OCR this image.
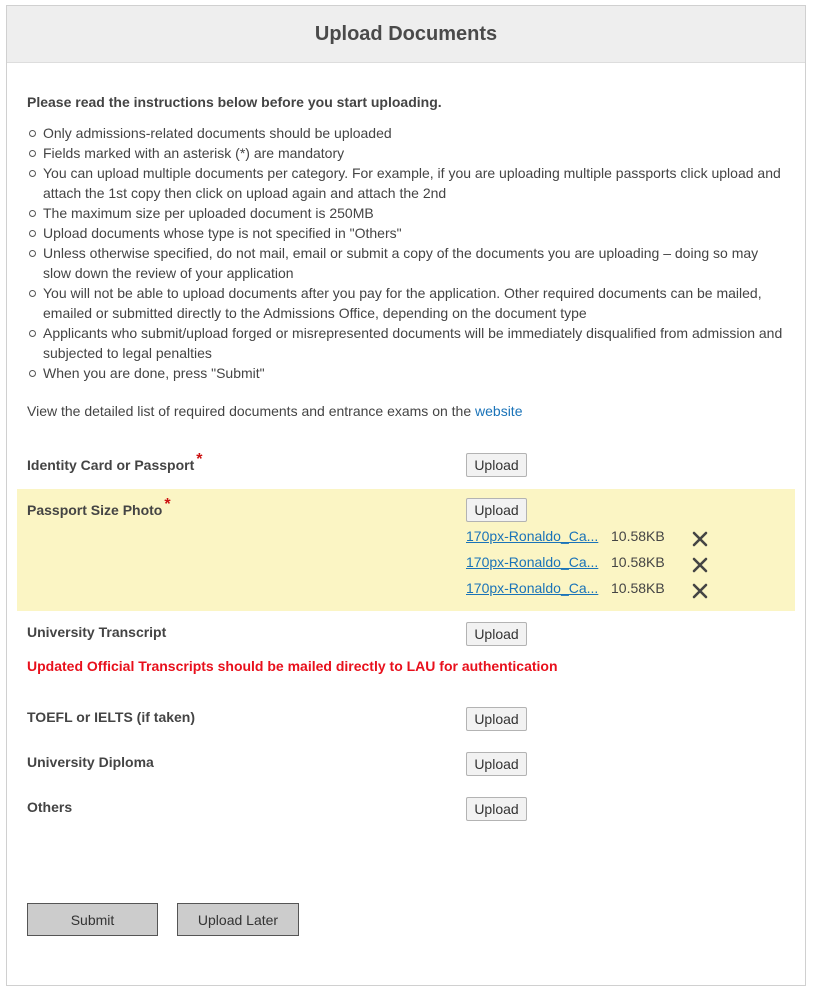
Upload Documents
Please read the instructions below before you start uploading.
Only admissions-related documents should be uploaded
Fields marked with an asterisk (*) are mandatory
You can upload multiple documents per category. For example, if you are uploading multiple passports click upload and attach the 1st copy then click on upload again and attach the 2nd
The maximum size per uploaded document is 250MB
Upload documents whose type is not specified in "Others"
Unless otherwise specified, do not mail, email or submit a copy of the documents you are uploading – doing so may slow down the review of your application
You will not be able to upload documents after you pay for the application. Other required documents can be mailed, emailed or submitted directly to the Admissions Office, depending on the document type
Applicants who submit/upload forged or misrepresented documents will be immediately disqualified from admission and subjected to legal penalties
When you are done, press "Submit"
View the detailed list of required documents and entrance exams on the website
Identity Card or Passport *	Upload
Passport Size Photo *	Upload
170px-Ronaldo_Ca... 10.58KB
170px-Ronaldo_Ca... 10.58KB
170px-Ronaldo_Ca... 10.58KB
University Transcript	Upload
Updated Official Transcripts should be mailed directly to LAU for authentication
TOEFL or IELTS (if taken)	Upload
University Diploma	Upload
Others	Upload
Submit	Upload Later
